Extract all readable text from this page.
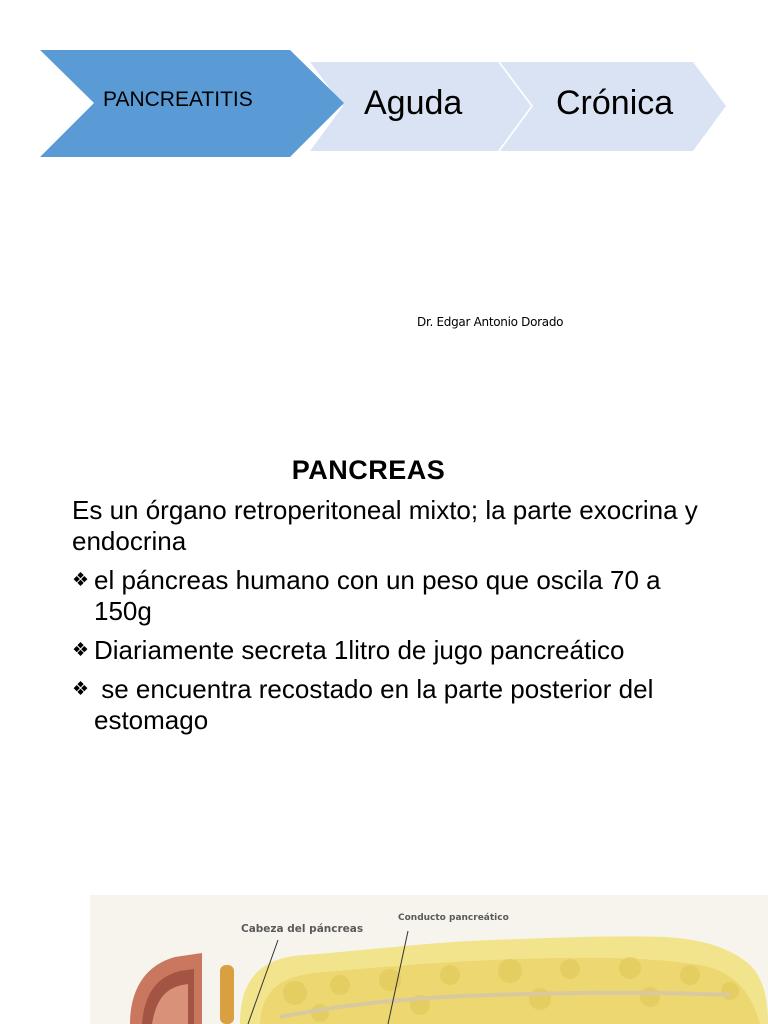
PANCREATITIS	Aguda	Crónica
Dr. Edgar Antonio Dorado
PANCREAS

Es un órgano retroperitoneal mixto; la parte exocrina y endocrina

❖ el páncreas humano con un peso que oscila 70 a 150g

❖ Diariamente secreta 1litro de jugo pancreático

❖ se encuentra recostado en la parte posterior del estomago

Cabeza del páncreas
Conducto pancreático
